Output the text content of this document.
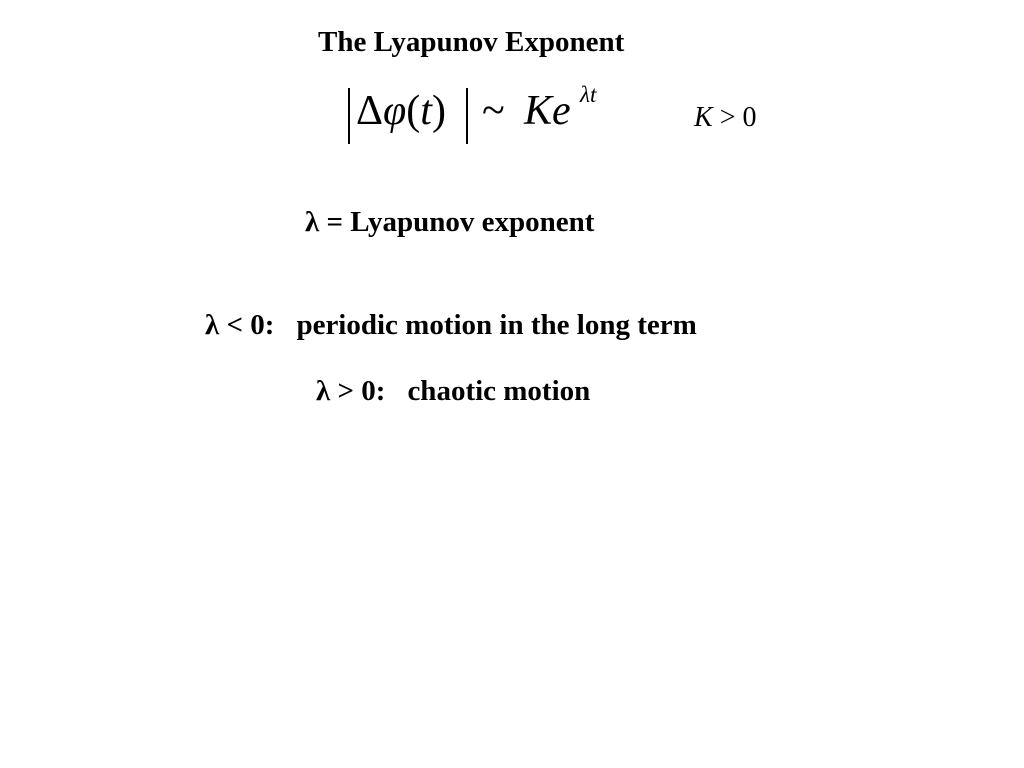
The Lyapunov Exponent
Δφ(t) ~ Ke λt
K > 0
λ = Lyapunov exponent
λ < 0: periodic motion in the long term
λ > 0: chaotic motion
